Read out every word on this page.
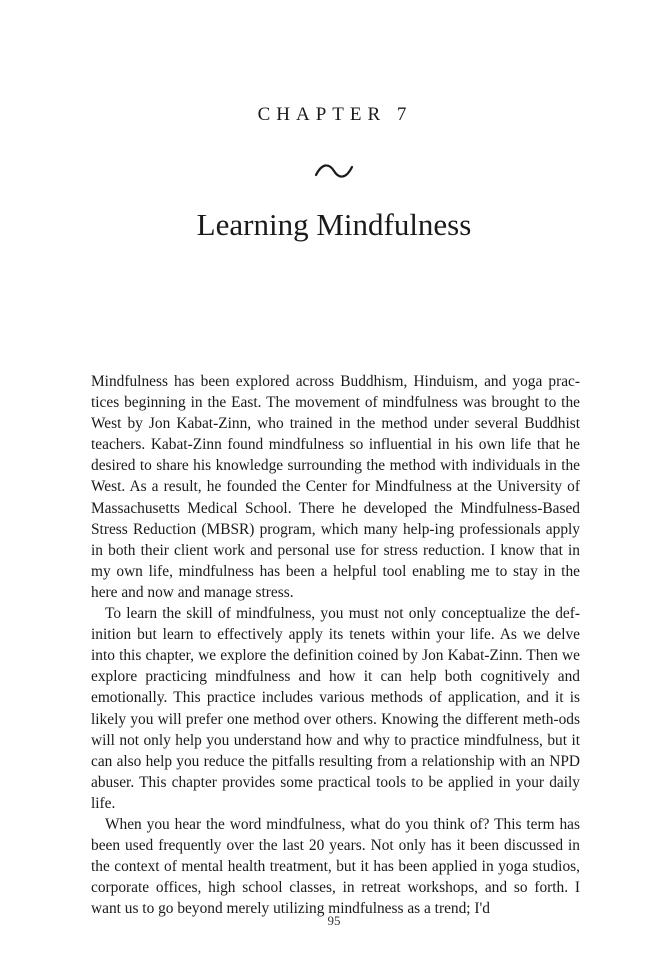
CHAPTER 7
Learning Mindfulness

Mindfulness has been explored across Buddhism, Hinduism, and yoga prac-tices beginning in the East. The movement of mindfulness was brought to the West by Jon Kabat-Zinn, who trained in the method under several Buddhist teachers. Kabat-Zinn found mindfulness so influential in his own life that he desired to share his knowledge surrounding the method with individuals in the West. As a result, he founded the Center for Mindfulness at the University of Massachusetts Medical School. There he developed the Mindfulness-Based Stress Reduction (MBSR) program, which many help-ing professionals apply in both their client work and personal use for stress reduction. I know that in my own life, mindfulness has been a helpful tool enabling me to stay in the here and now and manage stress.

To learn the skill of mindfulness, you must not only conceptualize the def-inition but learn to effectively apply its tenets within your life. As we delve into this chapter, we explore the definition coined by Jon Kabat-Zinn. Then we explore practicing mindfulness and how it can help both cognitively and emotionally. This practice includes various methods of application, and it is likely you will prefer one method over others. Knowing the different meth-ods will not only help you understand how and why to practice mindfulness, but it can also help you reduce the pitfalls resulting from a relationship with an NPD abuser. This chapter provides some practical tools to be applied in your daily life.

When you hear the word mindfulness, what do you think of? This term has been used frequently over the last 20 years. Not only has it been discussed in the context of mental health treatment, but it has been applied in yoga studios, corporate offices, high school classes, in retreat workshops, and so forth. I want us to go beyond merely utilizing mindfulness as a trend; I'd

95
